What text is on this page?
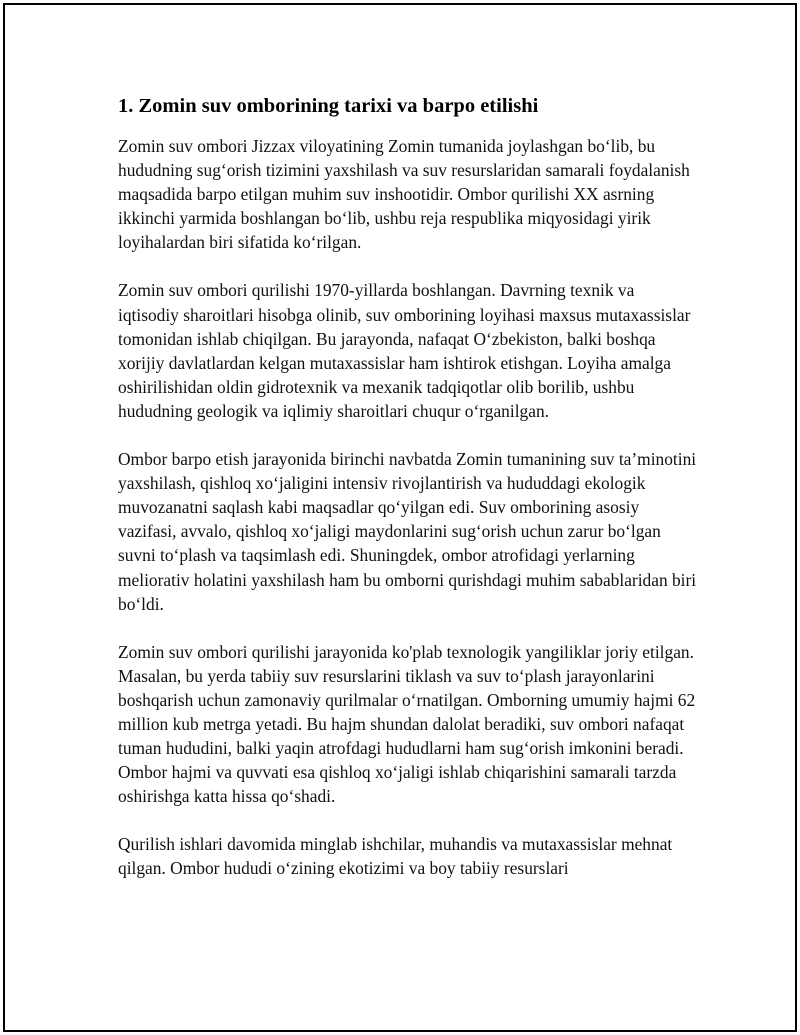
1. Zomin suv omborining tarixi va barpo etilishi

Zomin suv ombori Jizzax viloyatining Zomin tumanida joylashgan bo‘lib, bu hududning sug‘orish tizimini yaxshilash va suv resurslaridan samarali foydalanish maqsadida barpo etilgan muhim suv inshootidir. Ombor qurilishi XX asrning ikkinchi yarmida boshlangan bo‘lib, ushbu reja respublika miqyosidagi yirik loyihalardan biri sifatida ko‘rilgan.

Zomin suv ombori qurilishi 1970-yillarda boshlangan. Davrning texnik va iqtisodiy sharoitlari hisobga olinib, suv omborining loyihasi maxsus mutaxassislar tomonidan ishlab chiqilgan. Bu jarayonda, nafaqat O‘zbekiston, balki boshqa xorijiy davlatlardan kelgan mutaxassislar ham ishtirok etishgan. Loyiha amalga oshirilishidan oldin gidrotexnik va mexanik tadqiqotlar olib borilib, ushbu hududning geologik va iqlimiy sharoitlari chuqur o‘rganilgan.

Ombor barpo etish jarayonida birinchi navbatda Zomin tumanining suv ta’minotini yaxshilash, qishloq xo‘jaligini intensiv rivojlantirish va hududdagi ekologik muvozanatni saqlash kabi maqsadlar qo‘yilgan edi. Suv omborining asosiy vazifasi, avvalo, qishloq xo‘jaligi maydonlarini sug‘orish uchun zarur bo‘lgan suvni to‘plash va taqsimlash edi. Shuningdek, ombor atrofidagi yerlarning meliorativ holatini yaxshilash ham bu omborni qurishdagi muhim sabablaridan biri bo‘ldi.

Zomin suv ombori qurilishi jarayonida ko'plab texnologik yangiliklar joriy etilgan. Masalan, bu yerda tabiiy suv resurslarini tiklash va suv to‘plash jarayonlarini boshqarish uchun zamonaviy qurilmalar o‘rnatilgan. Omborning umumiy hajmi 62 million kub metrga yetadi. Bu hajm shundan dalolat beradiki, suv ombori nafaqat tuman hududini, balki yaqin atrofdagi hududlarni ham sug‘orish imkonini beradi. Ombor hajmi va quvvati esa qishloq xo‘jaligi ishlab chiqarishini samarali tarzda oshirishga katta hissa qo‘shadi.

Qurilish ishlari davomida minglab ishchilar, muhandis va mutaxassislar mehnat qilgan. Ombor hududi o‘zining ekotizimi va boy tabiiy resurslari
